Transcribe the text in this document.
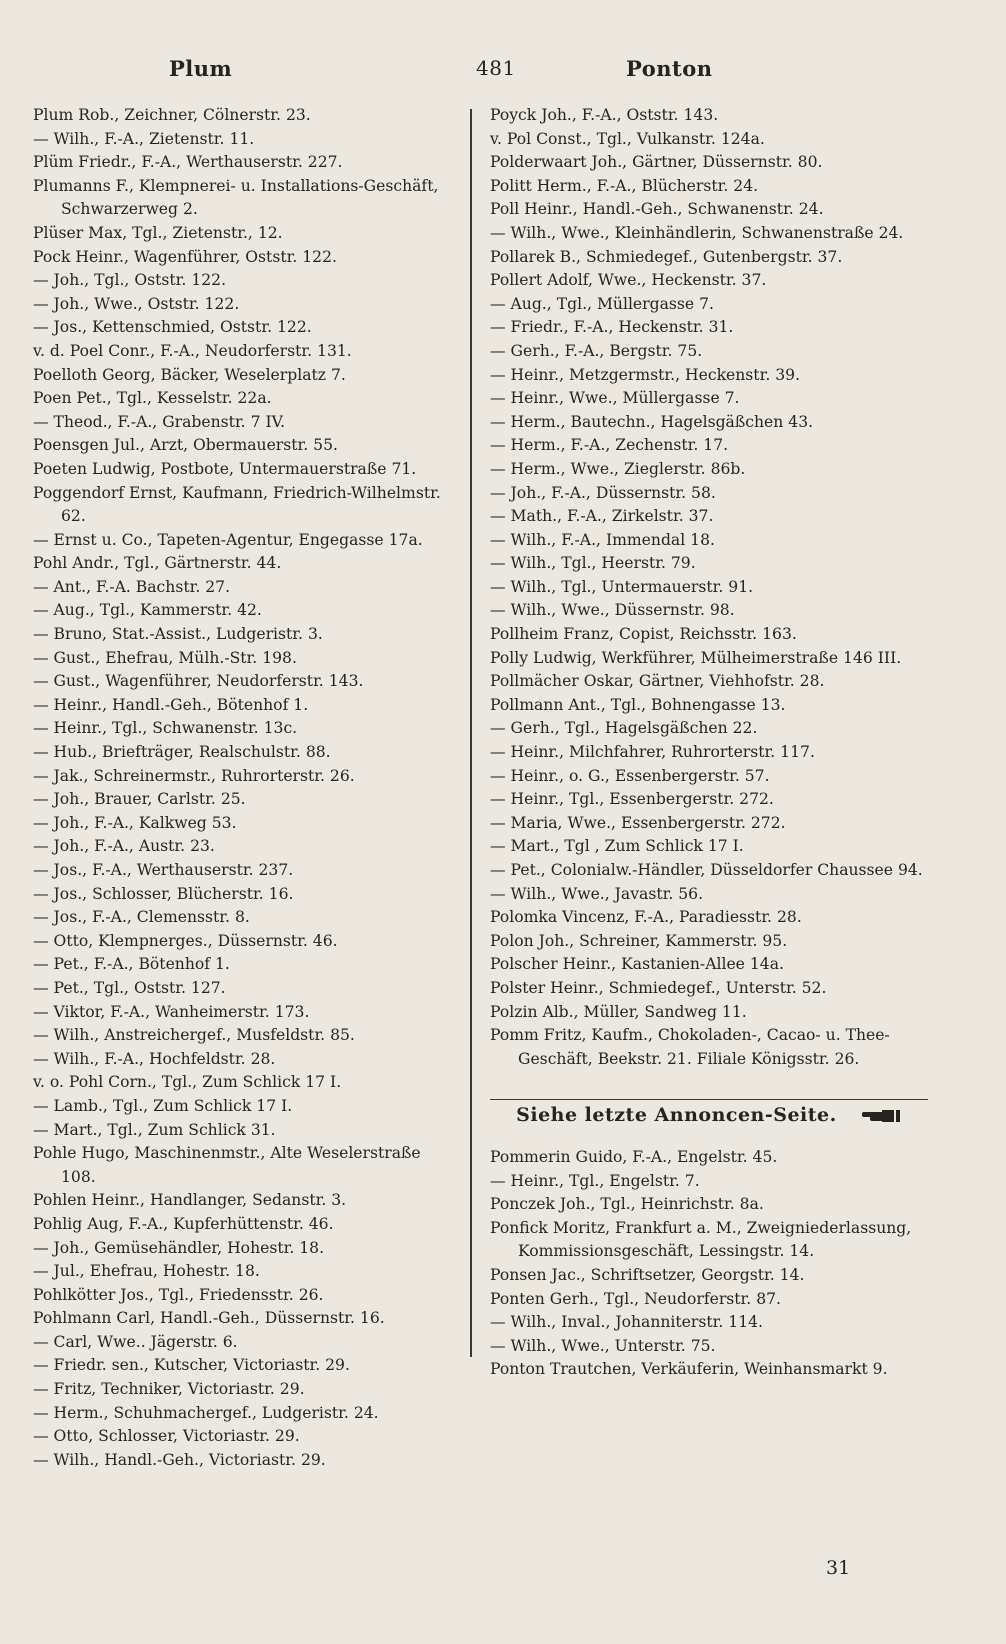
Plum	481	Ponton

Plum Rob., Zeichner, Cölnerstr. 23.

— Wilh., F.-A., Zietenstr. 11.

Plüm Friedr., F.-A., Werthauserstr. 227.

Plumanns F., Klempnerei- u. Installations-Geschäft, Schwarzerweg 2.

Plüser Max, Tgl., Zietenstr., 12.

Pock Heinr., Wagenführer, Oststr. 122.

— Joh., Tgl., Oststr. 122.

— Joh., Wwe., Oststr. 122.

— Jos., Kettenschmied, Oststr. 122.

v. d. Poel Conr., F.-A., Neudorferstr. 131.

Poelloth Georg, Bäcker, Weselerplatz 7.

Poen Pet., Tgl., Kesselstr. 22a.

— Theod., F.-A., Grabenstr. 7 IV.

Poensgen Jul., Arzt, Obermauerstr. 55.

Poeten Ludwig, Postbote, Untermauerstraße 71.

Poggendorf Ernst, Kaufmann, Friedrich-Wilhelmstr. 62.

— Ernst u. Co., Tapeten-Agentur, Engegasse 17a.

Pohl Andr., Tgl., Gärtnerstr. 44.

— Ant., F.-A. Bachstr. 27.

— Aug., Tgl., Kammerstr. 42.

— Bruno, Stat.-Assist., Ludgeristr. 3.

— Gust., Ehefrau, Mülh.-Str. 198.

— Gust., Wagenführer, Neudorferstr. 143.

— Heinr., Handl.-Geh., Bötenhof 1.

— Heinr., Tgl., Schwanenstr. 13c.

— Hub., Briefträger, Realschulstr. 88.

— Jak., Schreinermstr., Ruhrorterstr. 26.

— Joh., Brauer, Carlstr. 25.

— Joh., F.-A., Kalkweg 53.

— Joh., F.-A., Austr. 23.

— Jos., F.-A., Werthauserstr. 237.

— Jos., Schlosser, Blücherstr. 16.

— Jos., F.-A., Clemensstr. 8.

— Otto, Klempnerges., Düssernstr. 46.

— Pet., F.-A., Bötenhof 1.

— Pet., Tgl., Oststr. 127.

— Viktor, F.-A., Wanheimerstr. 173.

— Wilh., Anstreichergef., Musfeldstr. 85.

— Wilh., F.-A., Hochfeldstr. 28.

v. o. Pohl Corn., Tgl., Zum Schlick 17 I.

— Lamb., Tgl., Zum Schlick 17 I.

— Mart., Tgl., Zum Schlick 31.

Pohle Hugo, Maschinenmstr., Alte Weselerstraße 108.

Pohlen Heinr., Handlanger, Sedanstr. 3.

Pohlig Aug, F.-A., Kupferhüttenstr. 46.

— Joh., Gemüsehändler, Hohestr. 18.

— Jul., Ehefrau, Hohestr. 18.

Pohlkötter Jos., Tgl., Friedensstr. 26.

Pohlmann Carl, Handl.-Geh., Düssernstr. 16.

— Carl, Wwe.. Jägerstr. 6.

— Friedr. sen., Kutscher, Victoriastr. 29.

— Fritz, Techniker, Victoriastr. 29.

— Herm., Schuhmachergef., Ludgeristr. 24.

— Otto, Schlosser, Victoriastr. 29.

— Wilh., Handl.-Geh., Victoriastr. 29.

Poyck Joh., F.-A., Oststr. 143.

v. Pol Const., Tgl., Vulkanstr. 124a.

Polderwaart Joh., Gärtner, Düssernstr. 80.

Politt Herm., F.-A., Blücherstr. 24.

Poll Heinr., Handl.-Geh., Schwanenstr. 24.

— Wilh., Wwe., Kleinhändlerin, Schwanenstraße 24.

Pollarek B., Schmiedegef., Gutenbergstr. 37.

Pollert Adolf, Wwe., Heckenstr. 37.

— Aug., Tgl., Müllergasse 7.

— Friedr., F.-A., Heckenstr. 31.

— Gerh., F.-A., Bergstr. 75.

— Heinr., Metzgermstr., Heckenstr. 39.

— Heinr., Wwe., Müllergasse 7.

— Herm., Bautechn., Hagelsgäßchen 43.

— Herm., F.-A., Zechenstr. 17.

— Herm., Wwe., Zieglerstr. 86b.

— Joh., F.-A., Düssernstr. 58.

— Math., F.-A., Zirkelstr. 37.

— Wilh., F.-A., Immendal 18.

— Wilh., Tgl., Heerstr. 79.

— Wilh., Tgl., Untermauerstr. 91.

— Wilh., Wwe., Düssernstr. 98.

Pollheim Franz, Copist, Reichsstr. 163.

Polly Ludwig, Werkführer, Mülheimerstraße 146 III.

Pollmächer Oskar, Gärtner, Viehhofstr. 28.

Pollmann Ant., Tgl., Bohnengasse 13.

— Gerh., Tgl., Hagelsgäßchen 22.

— Heinr., Milchfahrer, Ruhrorterstr. 117.

— Heinr., o. G., Essenbergerstr. 57.

— Heinr., Tgl., Essenbergerstr. 272.

— Maria, Wwe., Essenbergerstr. 272.

— Mart., Tgl , Zum Schlick 17 I.

— Pet., Colonialw.-Händler, Düsseldorfer Chaussee 94.

— Wilh., Wwe., Javastr. 56.

Polomka Vincenz, F.-A., Paradiesstr. 28.

Polon Joh., Schreiner, Kammerstr. 95.

Polscher Heinr., Kastanien-Allee 14a.

Polster Heinr., Schmiedegef., Unterstr. 52.

Polzin Alb., Müller, Sandweg 11.

Pomm Fritz, Kaufm., Chokoladen-, Cacao- u. Thee-Geschäft, Beekstr. 21. Filiale Königsstr. 26.

Siehe letzte Annoncen-Seite.

Pommerin Guido, F.-A., Engelstr. 45.

— Heinr., Tgl., Engelstr. 7.

Ponczek Joh., Tgl., Heinrichstr. 8a.

Ponfick Moritz, Frankfurt a. M., Zweigniederlassung, Kommissionsgeschäft, Lessingstr. 14.

Ponsen Jac., Schriftsetzer, Georgstr. 14.

Ponten Gerh., Tgl., Neudorferstr. 87.

— Wilh., Inval., Johanniterstr. 114.

— Wilh., Wwe., Unterstr. 75.

Ponton Trautchen, Verkäuferin, Weinhansmarkt 9.

31
